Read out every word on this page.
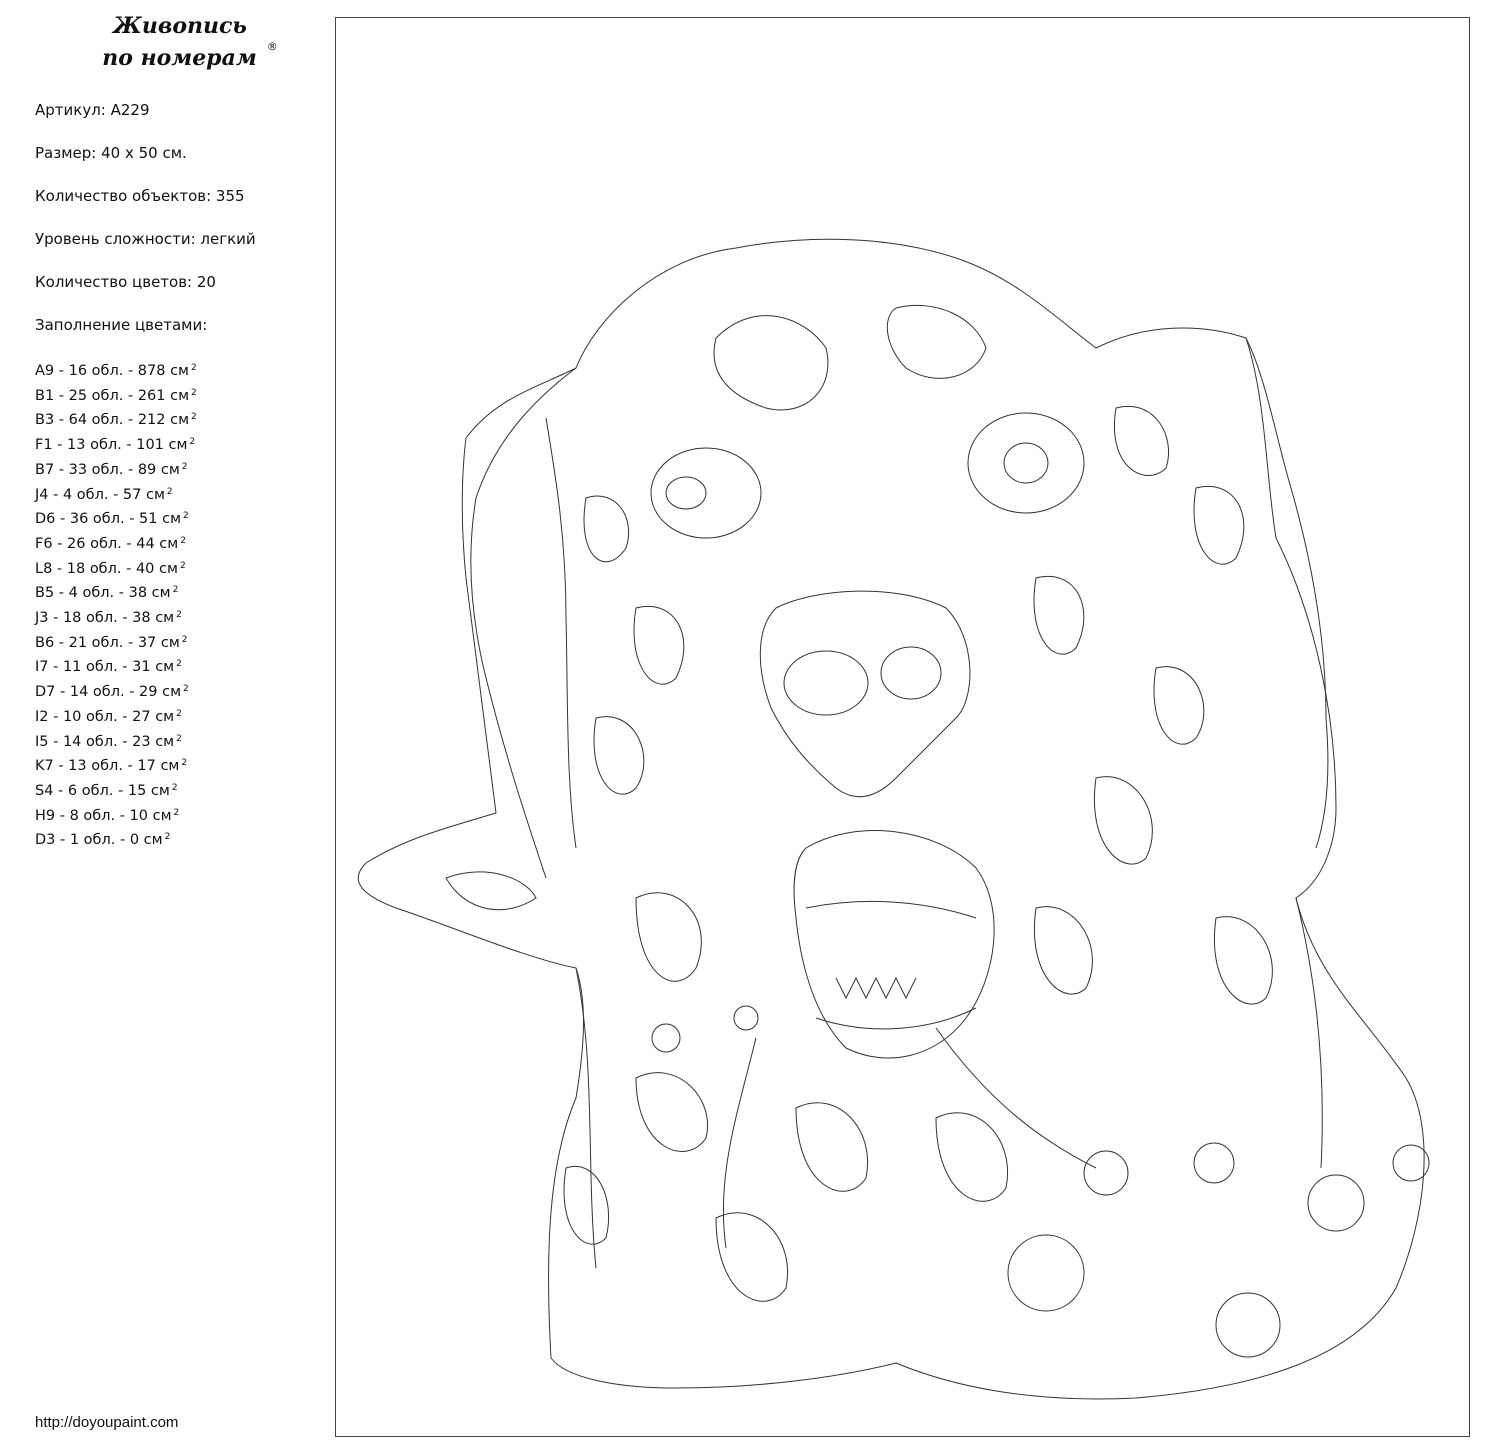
Живопись
по номерам ®
Артикул: A229
Размер: 40 х 50 см.
Количество объектов: 355
Уровень сложности: легкий
Количество цветов: 20
Заполнение цветами:
A9 - 16 обл. - 878 см $^2$
B1 - 25 обл. - 261 см $^2$
B3 - 64 обл. - 212 см $^2$
F1 - 13 обл. - 101 см $^2$
B7 - 33 обл. - 89 см $^2$
J4 - 4 обл. - 57 см $^2$
D6 - 36 обл. - 51 см $^2$
F6 - 26 обл. - 44 см $^2$
L8 - 18 обл. - 40 см $^2$
B5 - 4 обл. - 38 см $^2$
J3 - 18 обл. - 38 см $^2$
B6 - 21 обл. - 37 см $^2$
I7 - 11 обл. - 31 см $^2$
D7 - 14 обл. - 29 см $^2$
I2 - 10 обл. - 27 см $^2$
I5 - 14 обл. - 23 см $^2$
K7 - 13 обл. - 17 см $^2$
S4 - 6 обл. - 15 см $^2$
H9 - 8 обл. - 10 см $^2$
D3 - 1 обл. - 0 см $^2$
http://doyoupaint.com
